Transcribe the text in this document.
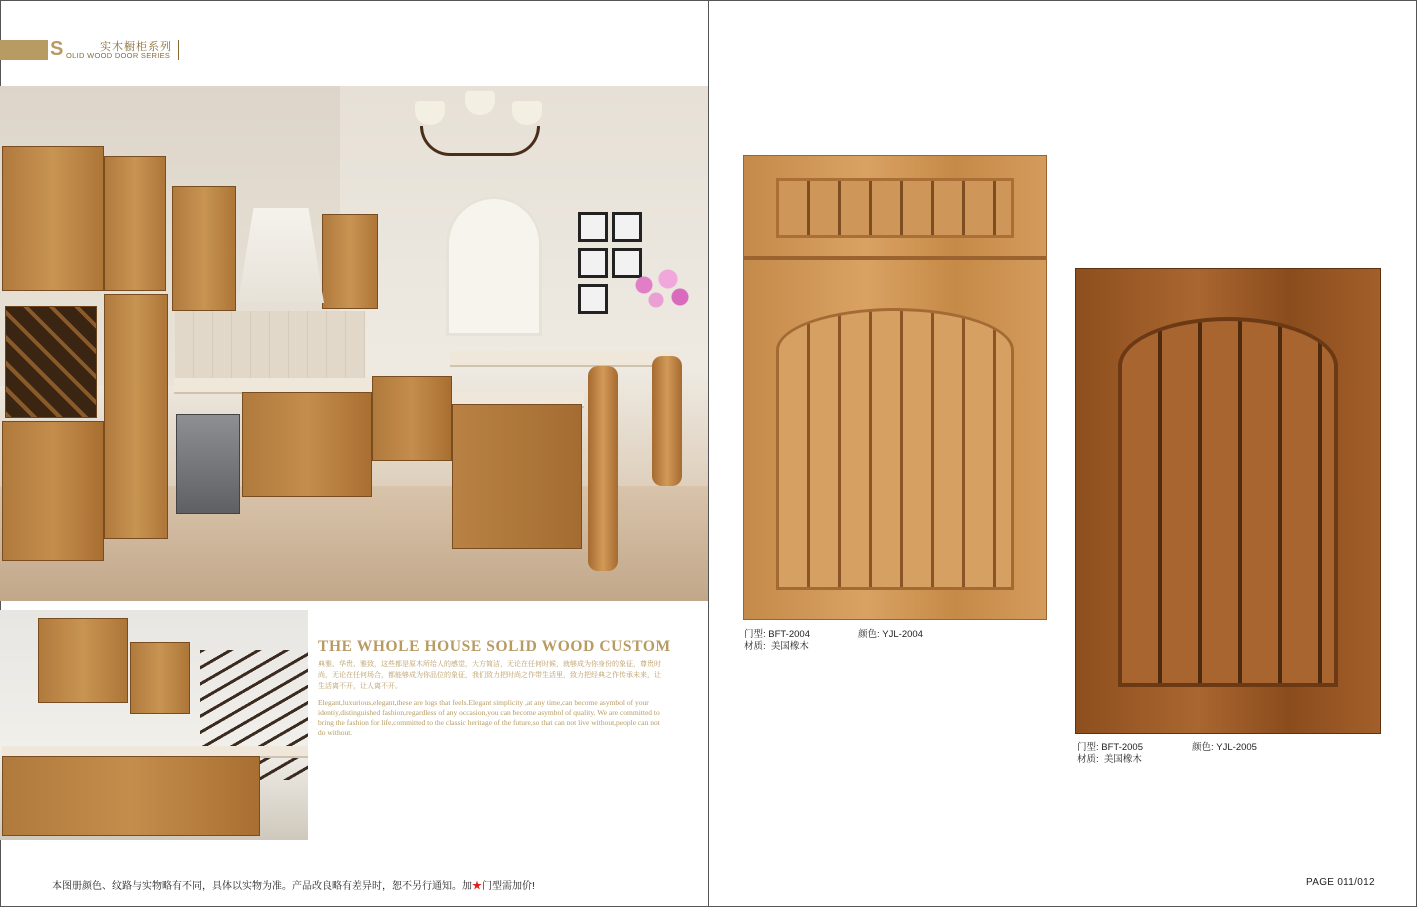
S	实木橱柜系列
OLID WOOD DOOR SERIES
THE WHOLE HOUSE SOLID WOOD CUSTOM
典雅、华贵、雅致，这些都是原木所给人的感觉，大方简洁，无论在任何时候，就够成为你身份的象征，尊贵时尚，无论在任何场合，都能够成为你品位的象征，我们致力把时尚之作带生活里，致力把经典之作传承未来，让生活离不开，让人离不开。
Elegant,luxurious,elegant,these are logs that feels.Elegant simplicity ,at any time,can become asymbol of your identiy,distinguished fashion,regardless of any occasion,you can become asymbol of quality. We are committed to bring the fashion for life,committed to the classic heritage of the future,so that can not live without,people can not do without.
本图册颜色、纹路与实物略有不同，具体以实物为准。产品改良略有差异时，恕不另行通知。加★门型需加价!	PAGE 011/012
门型: BFT-2004	颜色: YJL-2004

材质: 美国橡木
门型: BFT-2005	颜色: YJL-2005

材质: 美国橡木
